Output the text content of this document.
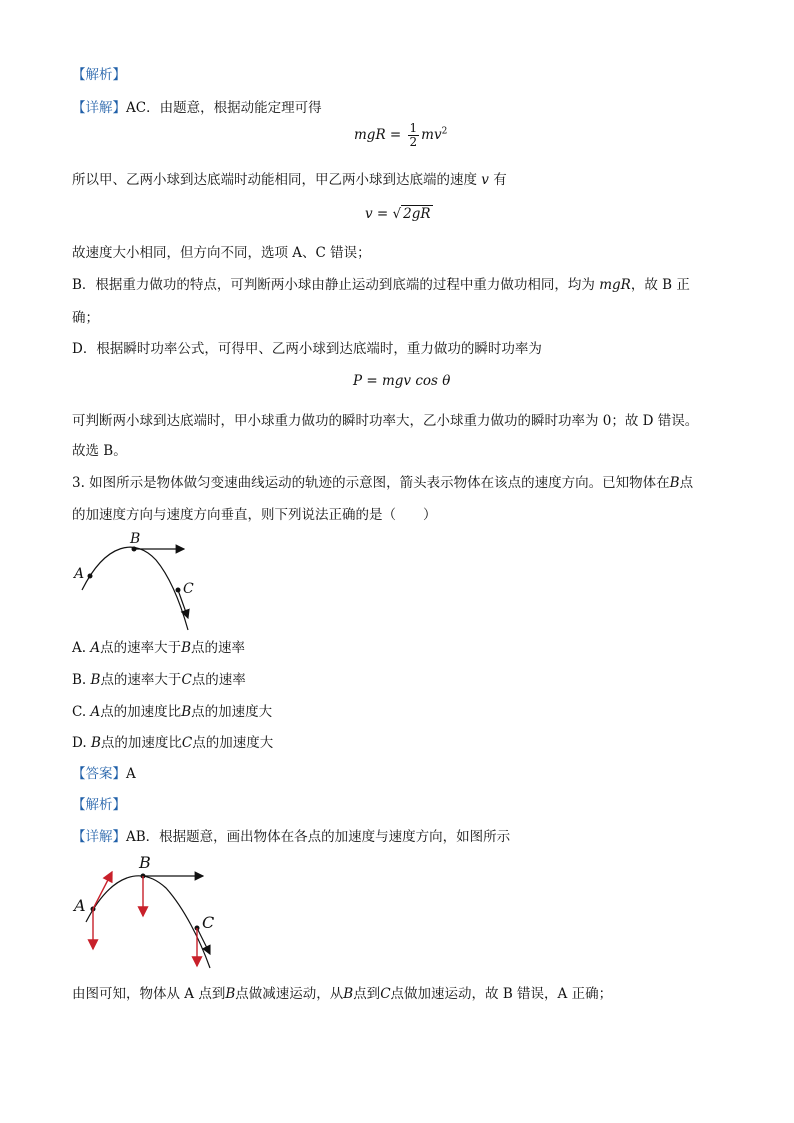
【解析】
【详解】AC．由题意，根据动能定理可得
mgR = $\frac{1}{2} mv^2$
所以甲、乙两小球到达底端时动能相同，甲乙两小球到达底端的速度 v 有
v = √ 2gR
故速度大小相同，但方向不同，选项 A、C 错误；
B．根据重力做功的特点，可判断两小球由静止运动到底端的过程中重力做功相同，均为 mgR，故 B 正
确；
D．根据瞬时功率公式，可得甲、乙两小球到达底端时，重力做功的瞬时功率为
P = mgv cos θ
可判断两小球到达底端时，甲小球重力做功的瞬时功率大，乙小球重力做功的瞬时功率为 0；故 D 错误。
故选 B。
3. 如图所示是物体做匀变速曲线运动的轨迹的示意图，箭头表示物体在该点的速度方向。已知物体在B点
的加速度方向与速度方向垂直，则下列说法正确的是（　　）
A
B
C
A. A点的速率大于B点的速率
B. B点的速率大于C点的速率
C. A点的加速度比B点的加速度大
D. B点的加速度比C点的加速度大
【答案】A
【解析】
【详解】AB．根据题意，画出物体在各点的加速度与速度方向，如图所示
A
B
C
由图可知，物体从 A 点到B点做减速运动，从B点到C点做加速运动，故 B 错误，A 正确；
